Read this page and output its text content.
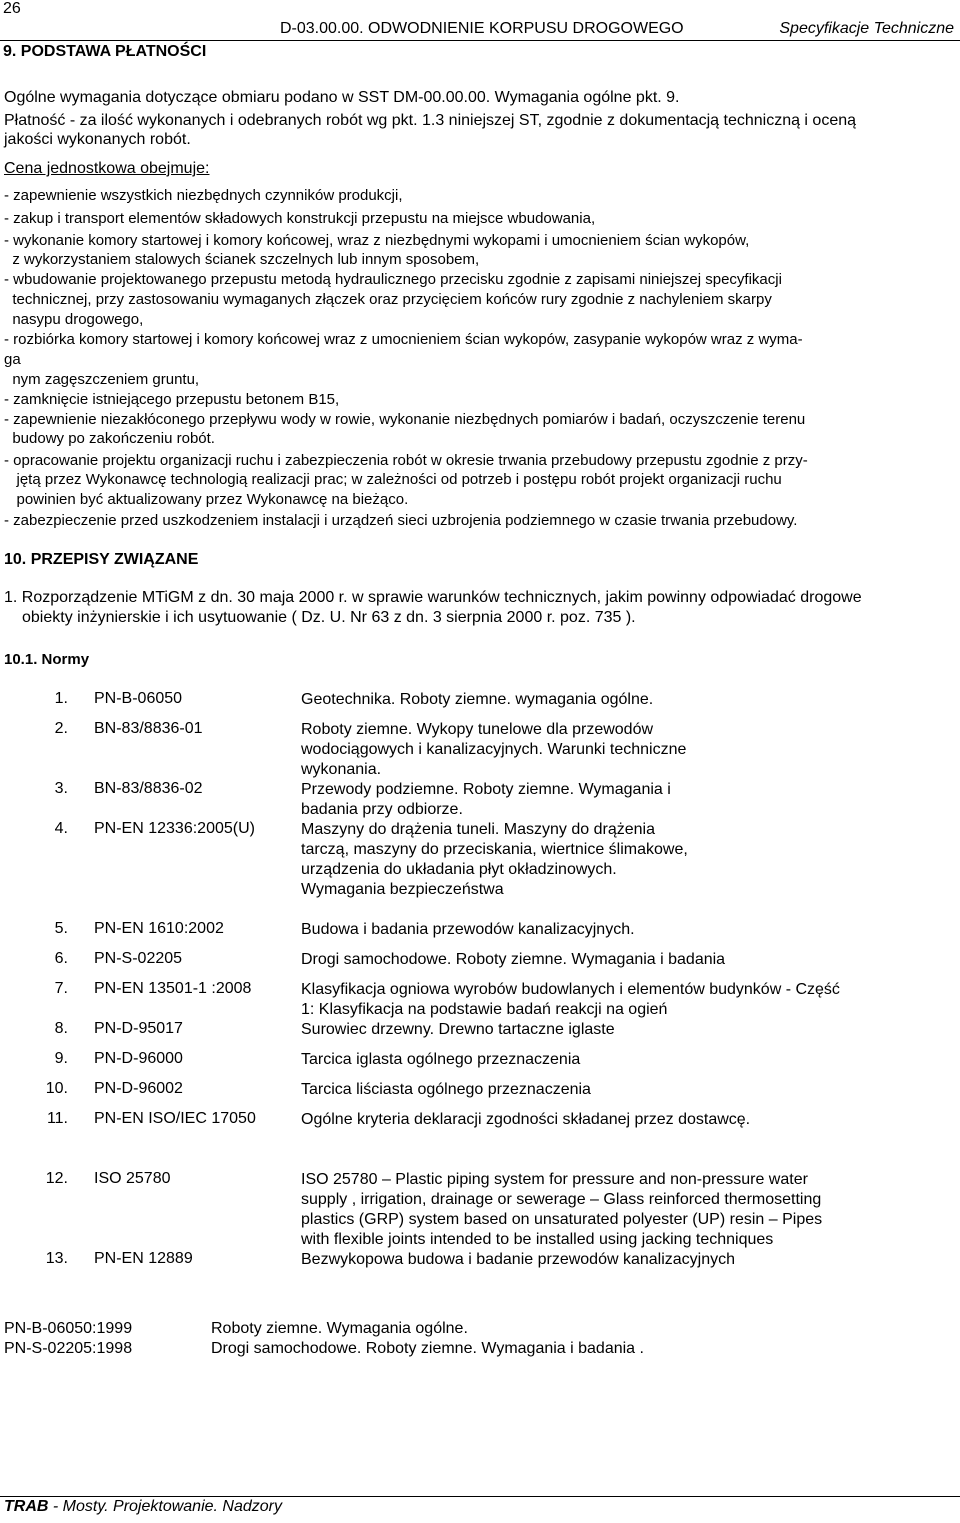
26
D-03.00.00. ODWODNIENIE KORPUSU DROGOWEGO	Specyfikacje Techniczne
9. PODSTAWA PŁATNOŚCI
Ogólne wymagania dotyczące obmiaru podano w SST DM-00.00.00. Wymagania ogólne pkt. 9.
Płatność - za ilość wykonanych i odebranych robót wg pkt. 1.3 niniejszej ST, zgodnie z dokumentacją techniczną i oceną
jakości wykonanych robót.
Cena jednostkowa obejmuje:
- zapewnienie wszystkich niezbędnych czynników produkcji,
- zakup i transport elementów składowych konstrukcji przepustu na miejsce wbudowania,
- wykonanie komory startowej i komory końcowej, wraz z niezbędnymi wykopami i umocnieniem ścian wykopów,
z wykorzystaniem stalowych ścianek szczelnych lub innym sposobem,
- wbudowanie projektowanego przepustu metodą hydraulicznego przecisku zgodnie z zapisami niniejszej specyfikacji
technicznej, przy zastosowaniu wymaganych złączek oraz przycięciem końców rury zgodnie z nachyleniem skarpy
nasypu drogowego,
- rozbiórka komory startowej i komory końcowej wraz z umocnieniem ścian wykopów, zasypanie wykopów wraz z wyma-
ga
nym zagęszczeniem gruntu,
- zamknięcie istniejącego przepustu betonem B15,
- zapewnienie niezakłóconego przepływu wody w rowie, wykonanie niezbędnych pomiarów i badań, oczyszczenie terenu
budowy po zakończeniu robót.
- opracowanie projektu organizacji ruchu i zabezpieczenia robót w okresie trwania przebudowy przepustu zgodnie z przy-
jętą przez Wykonawcę technologią realizacji prac; w zależności od potrzeb i postępu robót projekt organizacji ruchu
powinien być aktualizowany przez Wykonawcę na bieżąco.
- zabezpieczenie przed uszkodzeniem instalacji i urządzeń sieci uzbrojenia podziemnego w czasie trwania przebudowy.
10. PRZEPISY ZWIĄZANE
1. Rozporządzenie MTiGM z dn. 30 maja 2000 r. w sprawie warunków technicznych, jakim powinny odpowiadać drogowe
obiekty inżynierskie i ich usytuowanie ( Dz. U. Nr 63 z dn. 3 sierpnia 2000 r. poz. 735 ).
10.1. Normy
1. PN-B-06050	Geotechnika. Roboty ziemne. wymagania ogólne.
2. BN-83/8836-01	Roboty ziemne. Wykopy tunelowe dla przewodów
wodociągowych i kanalizacyjnych. Warunki techniczne
wykonania.
3. BN-83/8836-02	Przewody podziemne. Roboty ziemne. Wymagania i
badania przy odbiorze.
4. PN-EN 12336:2005(U)	Maszyny do drążenia tuneli. Maszyny do drążenia
tarczą, maszyny do przeciskania, wiertnice ślimakowe,
urządzenia do układania płyt okładzinowych.
Wymagania bezpieczeństwa
5. PN-EN 1610:2002	Budowa i badania przewodów kanalizacyjnych.
6. PN-S-02205	Drogi samochodowe. Roboty ziemne. Wymagania i badania
7. PN-EN 13501-1 :2008	Klasyfikacja ogniowa wyrobów budowlanych i elementów budynków - Część
1: Klasyfikacja na podstawie badań reakcji na ogień
8. PN-D-95017	Surowiec drzewny. Drewno tartaczne iglaste
9. PN-D-96000	Tarcica iglasta ogólnego przeznaczenia
10. PN-D-96002	Tarcica liściasta ogólnego przeznaczenia
11. PN-EN ISO/IEC 17050	Ogólne kryteria deklaracji zgodności składanej przez dostawcę.
12. ISO 25780	ISO 25780 – Plastic piping system for pressure and non-pressure water
supply , irrigation, drainage or sewerage – Glass reinforced thermosetting
plastics (GRP) system based on unsaturated polyester (UP) resin – Pipes
with flexible joints intended to be installed using jacking techniques
13. PN-EN 12889	Bezwykopowa budowa i badanie przewodów kanalizacyjnych
PN-B-06050:1999	Roboty ziemne. Wymagania ogólne.
PN-S-02205:1998	Drogi samochodowe. Roboty ziemne. Wymagania i badania .
TRAB - Mosty. Projektowanie. Nadzory
